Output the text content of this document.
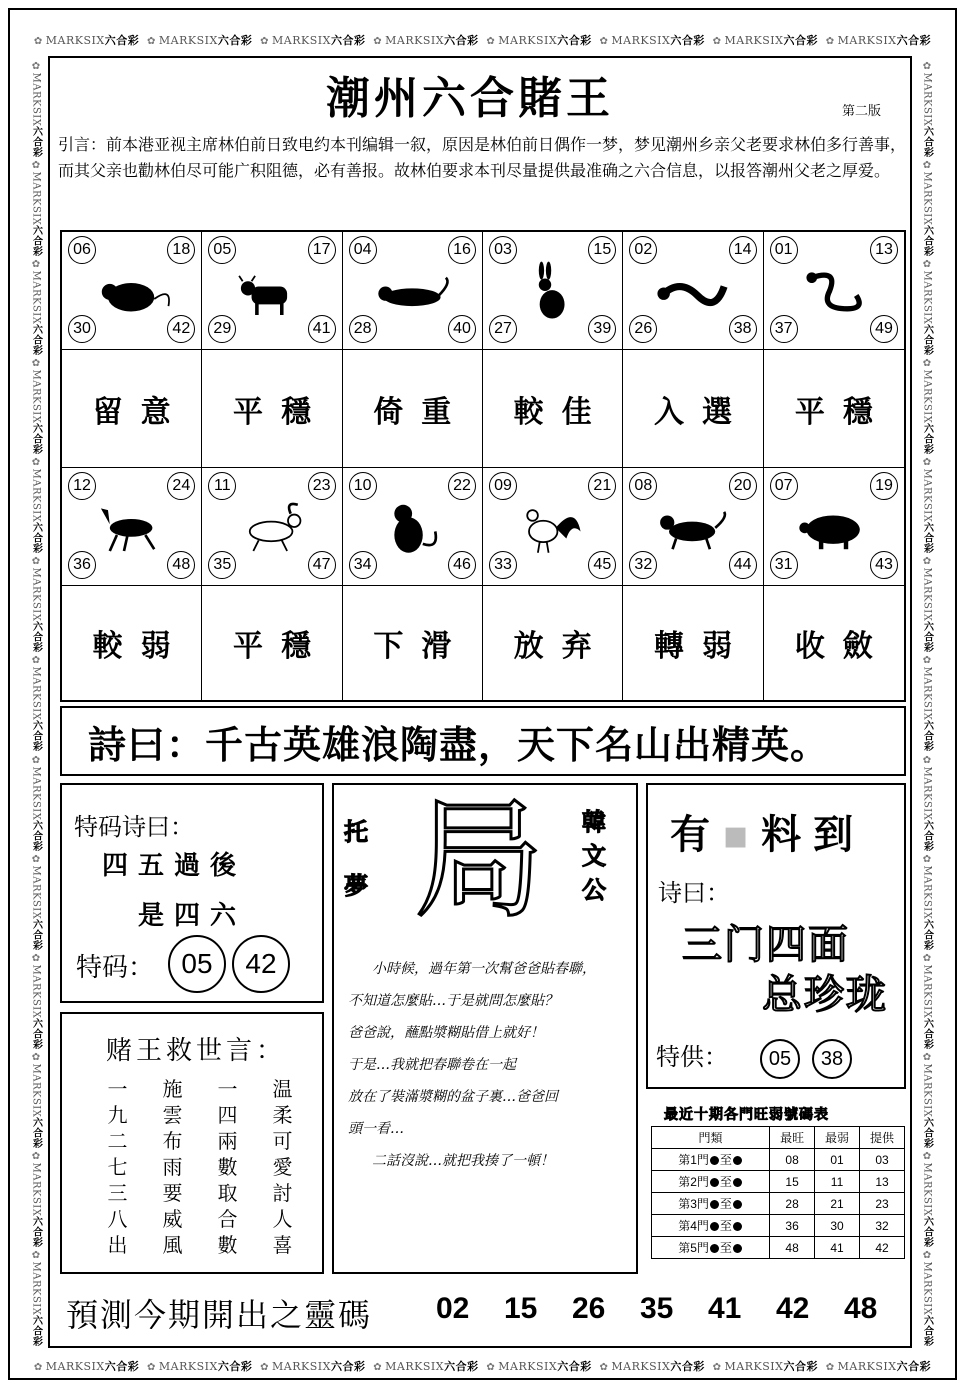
✿ MARKSIX六合彩 ✿ MARKSIX六合彩 ✿ MARKSIX六合彩 ✿ MARKSIX六合彩 ✿ MARKSIX六合彩 ✿ MARKSIX六合彩 ✿ MARKSIX六合彩 ✿ MARKSIX六合彩
✿ MARKSIX六合彩 ✿ MARKSIX六合彩 ✿ MARKSIX六合彩 ✿ MARKSIX六合彩 ✿ MARKSIX六合彩 ✿ MARKSIX六合彩 ✿ MARKSIX六合彩 ✿ MARKSIX六合彩
✿MARKSIX六合彩
✿MARKSIX六合彩
✿MARKSIX六合彩
✿MARKSIX六合彩
✿MARKSIX六合彩
✿MARKSIX六合彩
✿MARKSIX六合彩
✿MARKSIX六合彩
✿MARKSIX六合彩
✿MARKSIX六合彩
✿MARKSIX六合彩
✿MARKSIX六合彩
✿MARKSIX六合彩
✿MARKSIX六合彩
✿MARKSIX六合彩
✿MARKSIX六合彩
✿MARKSIX六合彩
✿MARKSIX六合彩
✿MARKSIX六合彩
✿MARKSIX六合彩
✿MARKSIX六合彩
✿MARKSIX六合彩
✿MARKSIX六合彩
✿MARKSIX六合彩
✿MARKSIX六合彩
✿MARKSIX六合彩
潮州六合賭王	第二版
引言：前本港亚视主席林伯前日致电约本刊编辑一叙，原因是林伯前日偶作一梦，梦见潮州乡亲父老要求林伯多行善事，而其父亲也勸林伯尽可能广积阻德，必有善报。故林伯要求本刊尽量提供最准确之六合信息，以报答潮州父老之厚爱。
06	18
30	42
05	17
29	41
04	16
28	40
03	15
27	39
02	14
26	38
01	13
37	49
留意	平穩	倚重	較佳	入選	平穩
12	24
36	48
11	23
35	47
10	22
34	46
09	21
33	45
08	20
32	44
07	19
31	43
較弱	平穩	下滑	放弃	轉弱	收斂
詩曰：千古英雄浪陶盡，天下名山出精英。
特码诗曰：
四五過後
是四六
特码： 05	42
赌王救世言：
一	施	一	温
九	雲	四	柔
二	布	兩	可
七	雨	數	愛
三	要	取	討
八	威	合	人
出	風	數	喜
托
夢 局 韓
文
公
小時候，過年第一次幫爸爸貼春聯，
不知道怎麼貼…于是就問怎麼貼？
爸爸說，蘸點漿糊貼借上就好！
于是…我就把春聯卷在一起
放在了裝滿漿糊的盆子裏…爸爸回
頭一看…
二話沒說…就把我揍了一頓！
有▪料到
诗曰：
三门四面
总珍珑
特供：	05	38
最近十期各門旺弱號碼表
門類	最旺	最弱	提供
第1門 至	08	01	03
第2門 至	15	11	13
第3門 至	28	21	23
第4門 至	36	30	32
第5門 至	48	41	42
預測今期開出之靈碼 02	15	26	35	41	42	48
